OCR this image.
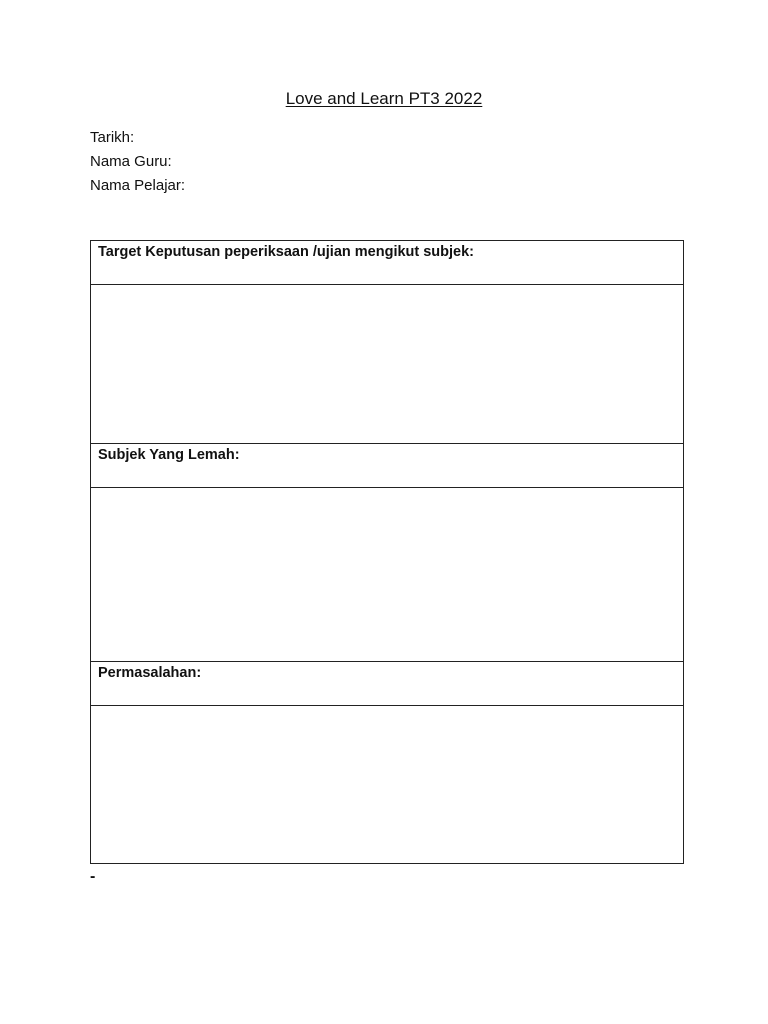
Love and Learn PT3 2022
Tarikh:
Nama Guru:
Nama Pelajar:
Target Keputusan peperiksaan /ujian mengikut subjek:

Subjek Yang Lemah:

Permasalahan:

-
